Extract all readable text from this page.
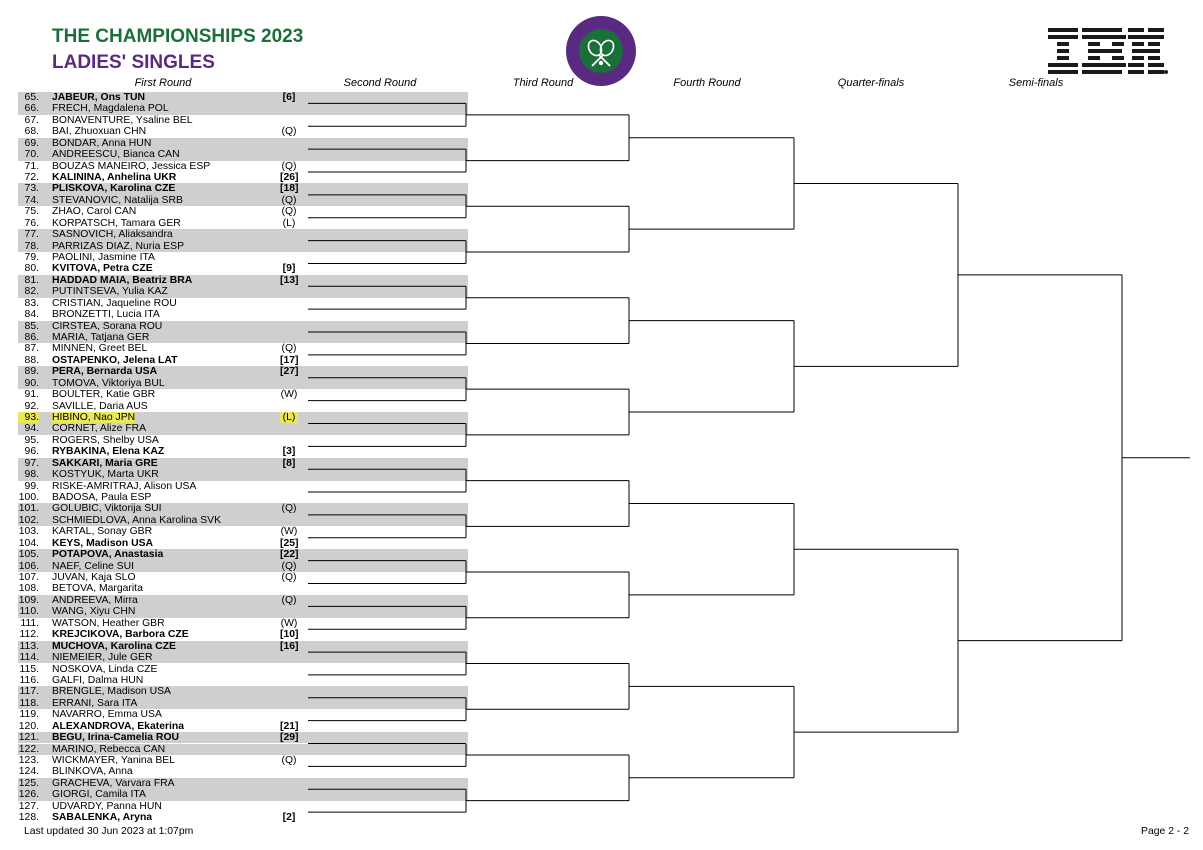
THE CHAMPIONSHIPS 2023
LADIES' SINGLES
First Round	Second Round	Third Round	Fourth Round	Quarter-finals	Semi-finals
65. JABEUR, Ons TUN	[6]
66. FRECH, Magdalena POL
67. BONAVENTURE, Ysaline BEL
68. BAI, Zhuoxuan CHN	(Q)
69. BONDAR, Anna HUN
70. ANDREESCU, Bianca CAN
71. BOUZAS MANEIRO, Jessica ESP	(Q)
72. KALININA, Anhelina UKR	[26]
73. PLISKOVA, Karolina CZE	[18]
74. STEVANOVIC, Natalija SRB	(Q)
75. ZHAO, Carol CAN	(Q)
76. KORPATSCH, Tamara GER	(L)
77. SASNOVICH, Aliaksandra
78. PARRIZAS DIAZ, Nuria ESP
79. PAOLINI, Jasmine ITA
80. KVITOVA, Petra CZE	[9]
81. HADDAD MAIA, Beatriz BRA	[13]
82. PUTINTSEVA, Yulia KAZ
83. CRISTIAN, Jaqueline ROU
84. BRONZETTI, Lucia ITA
85. CIRSTEA, Sorana ROU
86. MARIA, Tatjana GER
87. MINNEN, Greet BEL	(Q)
88. OSTAPENKO, Jelena LAT	[17]
89. PERA, Bernarda USA	[27]
90. TOMOVA, Viktoriya BUL
91. BOULTER, Katie GBR	(W)
92. SAVILLE, Daria AUS
93. HIBINO, Nao JPN	(L)
94. CORNET, Alize FRA
95. ROGERS, Shelby USA
96. RYBAKINA, Elena KAZ	[3]
97. SAKKARI, Maria GRE	[8]
98. KOSTYUK, Marta UKR
99. RISKE-AMRITRAJ, Alison USA
100. BADOSA, Paula ESP
101. GOLUBIC, Viktorija SUI	(Q)
102. SCHMIEDLOVA, Anna Karolina SVK
103. KARTAL, Sonay GBR	(W)
104. KEYS, Madison USA	[25]
105. POTAPOVA, Anastasia	[22]
106. NAEF, Celine SUI	(Q)
107. JUVAN, Kaja SLO	(Q)
108. BETOVA, Margarita
109. ANDREEVA, Mirra	(Q)
110. WANG, Xiyu CHN
111. WATSON, Heather GBR	(W)
112. KREJCIKOVA, Barbora CZE	[10]
113. MUCHOVA, Karolina CZE	[16]
114. NIEMEIER, Jule GER
115. NOSKOVA, Linda CZE
116. GALFI, Dalma HUN
117. BRENGLE, Madison USA
118. ERRANI, Sara ITA
119. NAVARRO, Emma USA
120. ALEXANDROVA, Ekaterina	[21]
121. BEGU, Irina-Camelia ROU	[29]
122. MARINO, Rebecca CAN
123. WICKMAYER, Yanina BEL	(Q)
124. BLINKOVA, Anna
125. GRACHEVA, Varvara FRA
126. GIORGI, Camila ITA
127. UDVARDY, Panna HUN
128. SABALENKA, Aryna	[2]
Last updated 30 Jun 2023 at 1:07pm	Page 2 - 2
